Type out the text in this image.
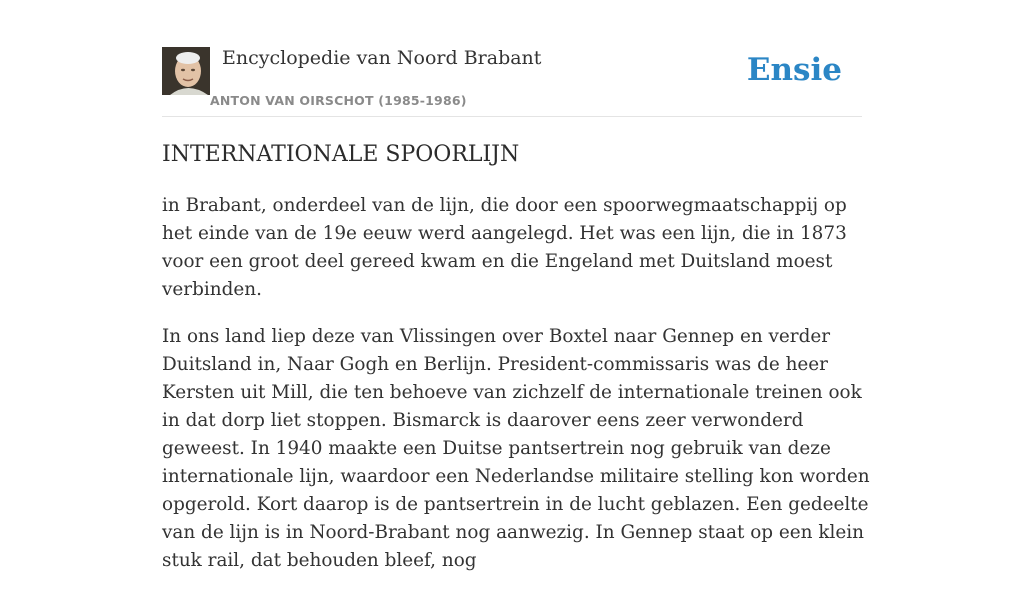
Encyclopedie van Noord Brabant
ANTON VAN OIRSCHOT (1985-1986)
Ensie
INTERNATIONALE SPOORLIJN

in Brabant, onderdeel van de lijn, die door een spoorwegmaatschappij op het einde van de 19e eeuw werd aangelegd. Het was een lijn, die in 1873 voor een groot deel gereed kwam en die Engeland met Duitsland moest verbinden.

In ons land liep deze van Vlissingen over Boxtel naar Gennep en verder Duitsland in, Naar Gogh en Berlijn. President-commissaris was de heer Kersten uit Mill, die ten behoeve van zichzelf de internationale treinen ook in dat dorp liet stoppen. Bismarck is daarover eens zeer verwonderd geweest. In 1940 maakte een Duitse pantsertrein nog gebruik van deze internationale lijn, waardoor een Nederlandse militaire stelling kon worden opgerold. Kort daarop is de pantsertrein in de lucht geblazen. Een gedeelte van de lijn is in Noord-Brabant nog aanwezig. In Gennep staat op een klein stuk rail, dat behouden bleef, nog
